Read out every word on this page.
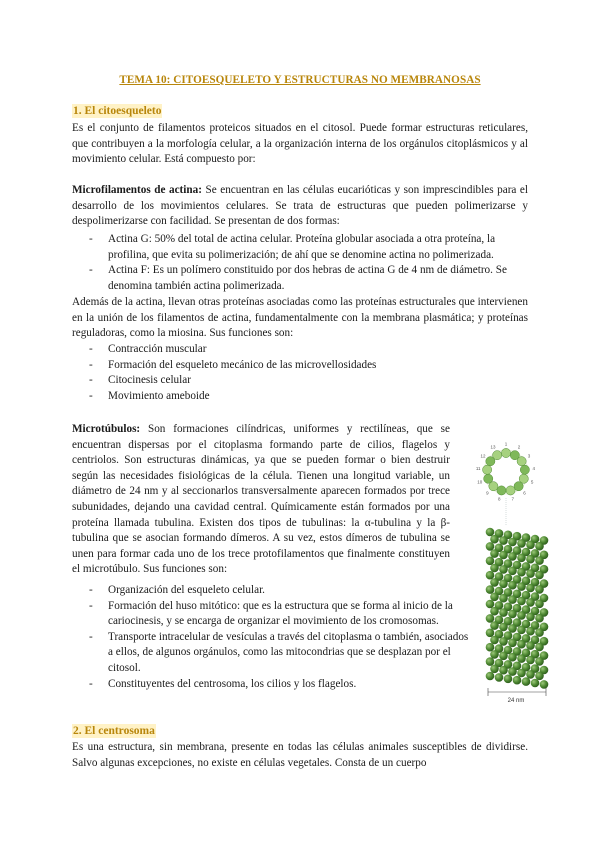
TEMA 10: CITOESQUELETO Y ESTRUCTURAS NO MEMBRANOSAS
1. El citoesqueleto
Es el conjunto de filamentos proteicos situados en el citosol. Puede formar estructuras reticulares, que contribuyen a la morfología celular, a la organización interna de los orgánulos citoplásmicos y al movimiento celular. Está compuesto por:
Microfilamentos de actina: Se encuentran en las células eucarióticas y son imprescindibles para el desarrollo de los movimientos celulares. Se trata de estructuras que pueden polimerizarse y despolimerizarse con facilidad. Se presentan de dos formas:
- Actina G: 50% del total de actina celular. Proteína globular asociada a otra proteína, la profilina, que evita su polimerización; de ahí que se denomine actina no polimerizada.
- Actina F: Es un polímero constituido por dos hebras de actina G de 4 nm de diámetro. Se denomina también actina polimerizada.
Además de la actina, llevan otras proteínas asociadas como las proteínas estructurales que intervienen en la unión de los filamentos de actina, fundamentalmente con la membrana plasmática; y proteínas reguladoras, como la miosina. Sus funciones son:
- Contracción muscular
- Formación del esqueleto mecánico de las microvellosidades
- Citocinesis celular
- Movimiento ameboide
Microtúbulos: Son formaciones cilíndricas, uniformes y rectilíneas, que se encuentran dispersas por el citoplasma formando parte de cilios, flagelos y centriolos. Son estructuras dinámicas, ya que se pueden formar o bien destruir según las necesidades fisiológicas de la célula. Tienen una longitud variable, un diámetro de 24 nm y al seccionarlos transversalmente aparecen formados por trece subunidades, dejando una cavidad central. Químicamente están formados por una proteína llamada tubulina. Existen dos tipos de tubulinas: la α-tubulina y la β-tubulina que se asocian formando dímeros. A su vez, estos dímeros de tubulina se unen para formar cada uno de los trece protofilamentos que finalmente constituyen el microtúbulo. Sus funciones son:
- Organización del esqueleto celular.
- Formación del huso mitótico: que es la estructura que se forma al inicio de la cariocinesis, y se encarga de organizar el movimiento de los cromosomas.
- Transporte intracelular de vesículas a través del citoplasma o también, asociados a ellos, de algunos orgánulos, como las mitocondrias que se desplazan por el citosol.
- Constituyentes del centrosoma, los cilios y los flagelos.
2. El centrosoma
Es una estructura, sin membrana, presente en todas las células animales susceptibles de dividirse. Salvo algunas excepciones, no existe en células vegetales. Consta de un cuerpo
1
2
3
4
5
6
7
8
9
10
11
12
13
24 nm
